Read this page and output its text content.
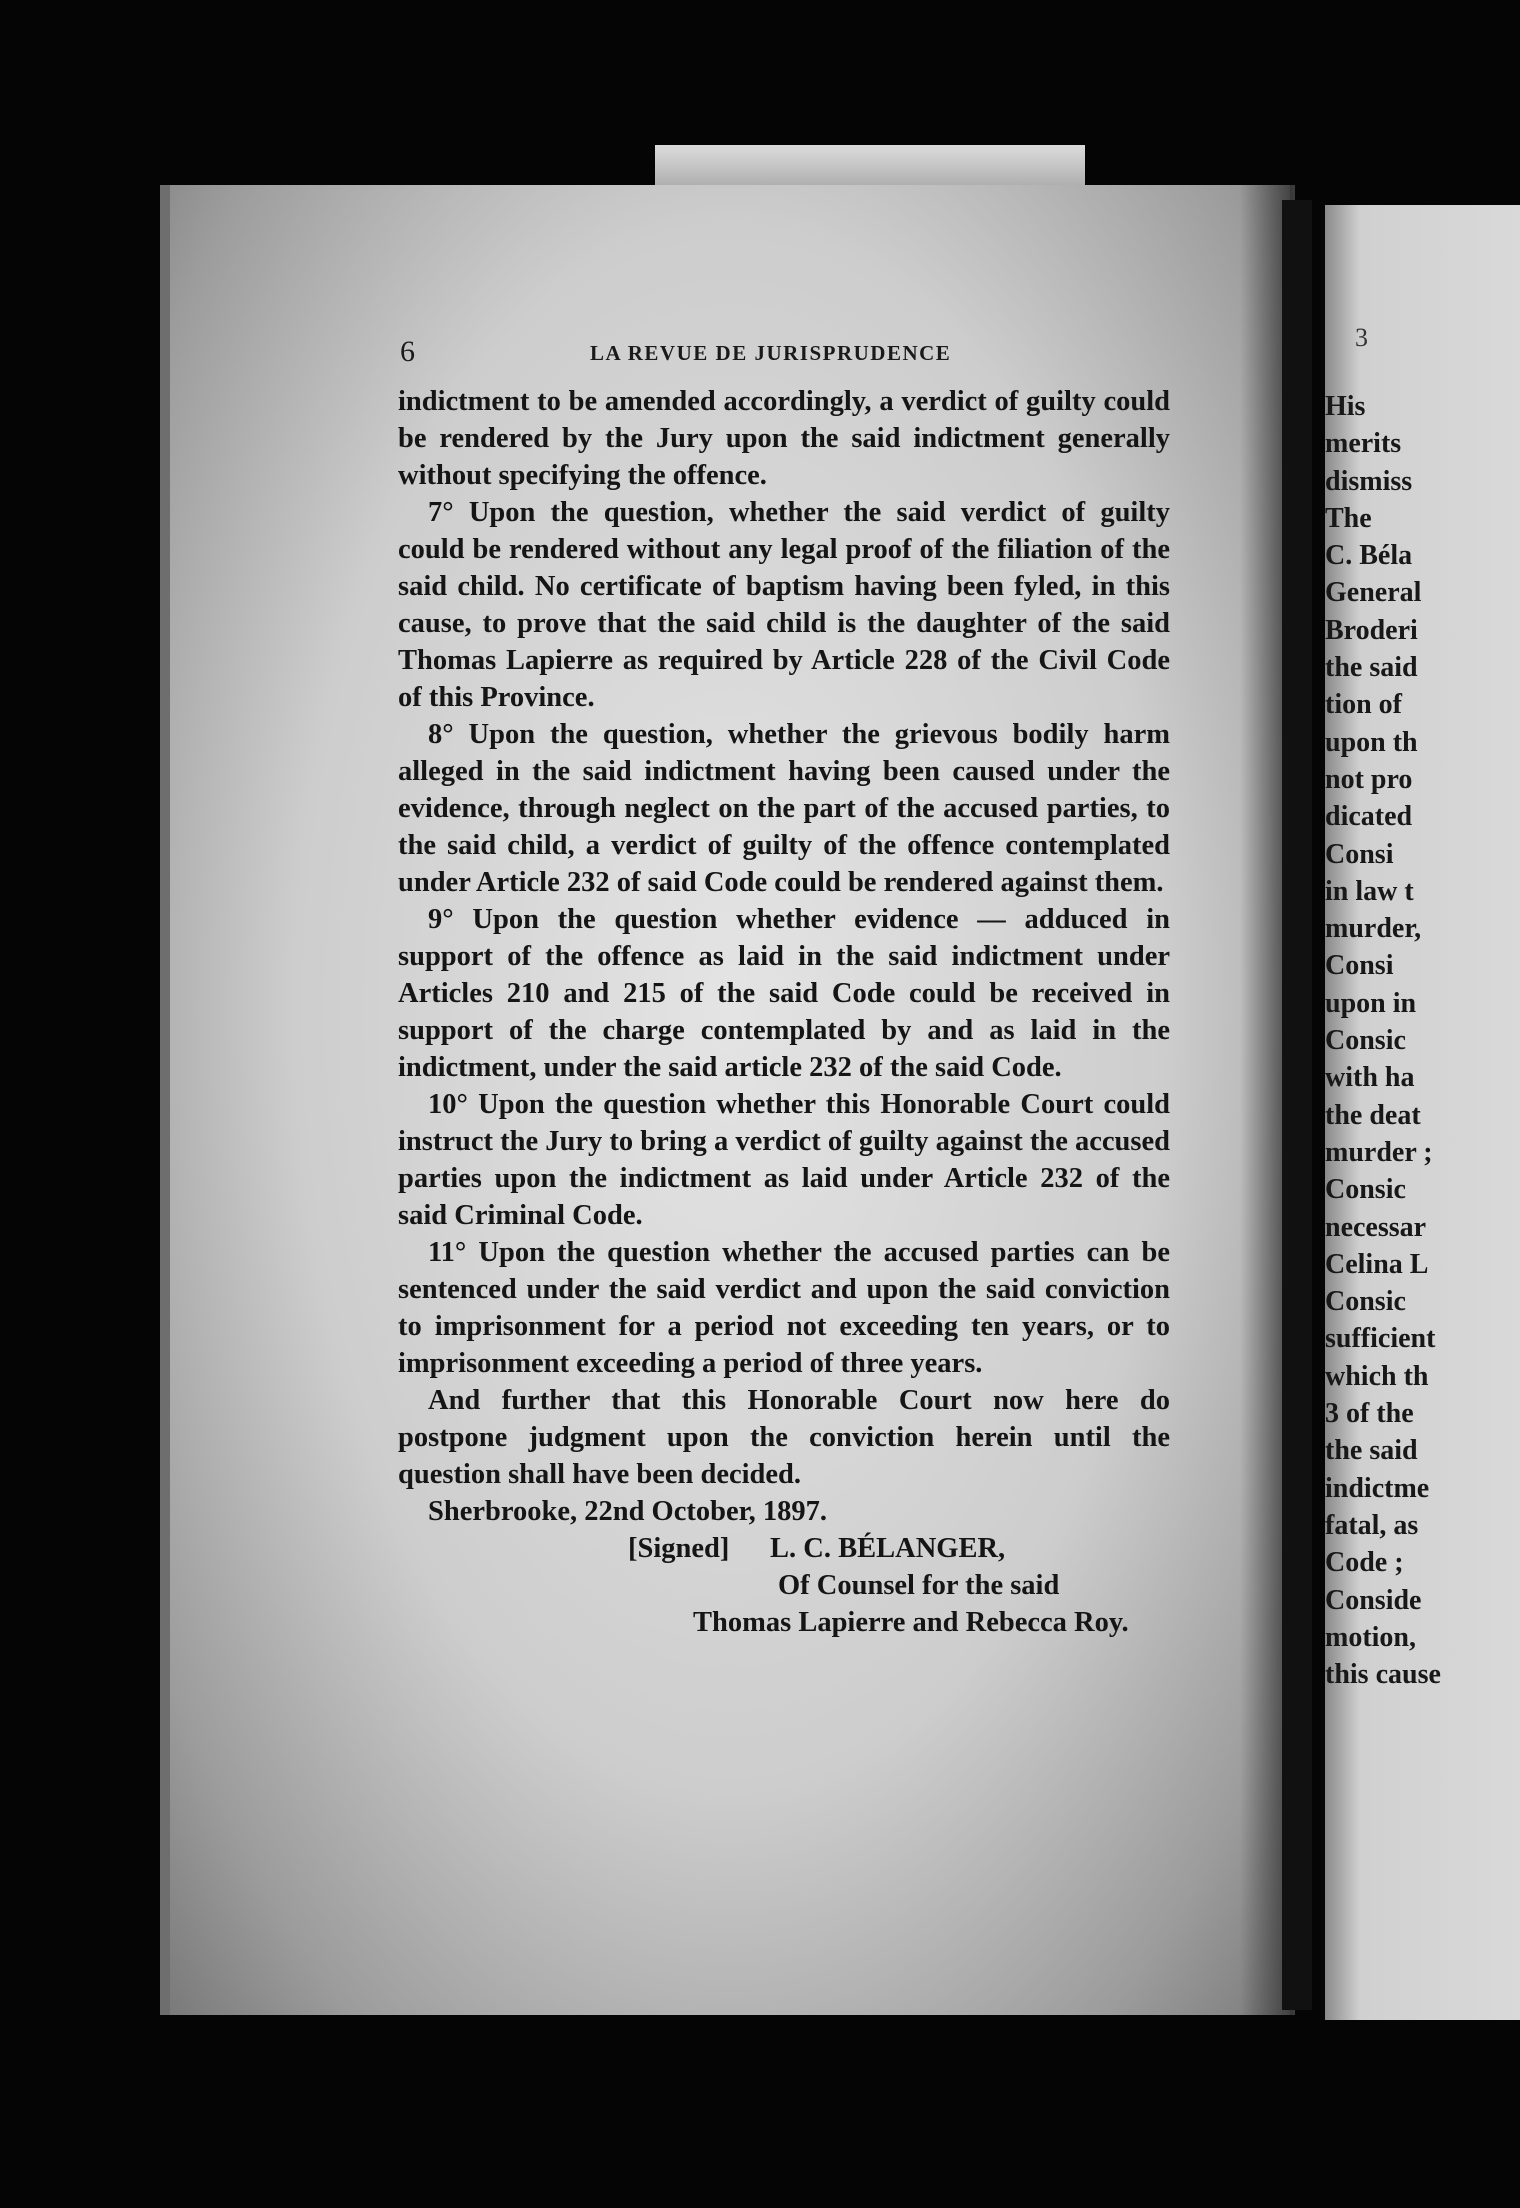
3
His
merits
dismiss
The
C. Béla
General
Broderi
the said
tion of
upon th
not pro
dicated
Consi
in law t
murder,
Consi
upon in
Consic
with ha
the deat
murder ;
Consic
necessar
Celina L
Consic
sufficient
which th
3 of the
the said
indictme
fatal, as
Code ;
Conside
motion,
this cause
6	LA REVUE DE JURISPRUDENCE

indictment to be amended accordingly, a verdict of guilty could be rendered by the Jury upon the said indictment generally without specifying the offence.

7° Upon the question, whether the said verdict of guilty could be rendered without any legal proof of the filiation of the said child. No certificate of baptism having been fyled, in this cause, to prove that the said child is the daughter of the said Thomas Lapierre as required by Article 228 of the Civil Code of this Province.

8° Upon the question, whether the grievous bodily harm alleged in the said indictment having been caused under the evidence, through neglect on the part of the accused parties, to the said child, a verdict of guilty of the offence contemplated under Article 232 of said Code could be rendered against them.

9° Upon the question whether evidence — adduced in support of the offence as laid in the said indictment under Articles 210 and 215 of the said Code could be received in support of the charge contemplated by and as laid in the indictment, under the said article 232 of the said Code.

10° Upon the question whether this Honorable Court could instruct the Jury to bring a verdict of guilty against the accused parties upon the indictment as laid under Article 232 of the said Criminal Code.

11° Upon the question whether the accused parties can be sentenced under the said verdict and upon the said conviction to imprisonment for a period not exceeding ten years, or to imprisonment exceeding a period of three years.

And further that this Honorable Court now here do postpone judgment upon the conviction herein until the question shall have been decided.

Sherbrooke, 22nd October, 1897.
[Signed] L. C. BÉLANGER,
Of Counsel for the said
Thomas Lapierre and Rebecca Roy.
